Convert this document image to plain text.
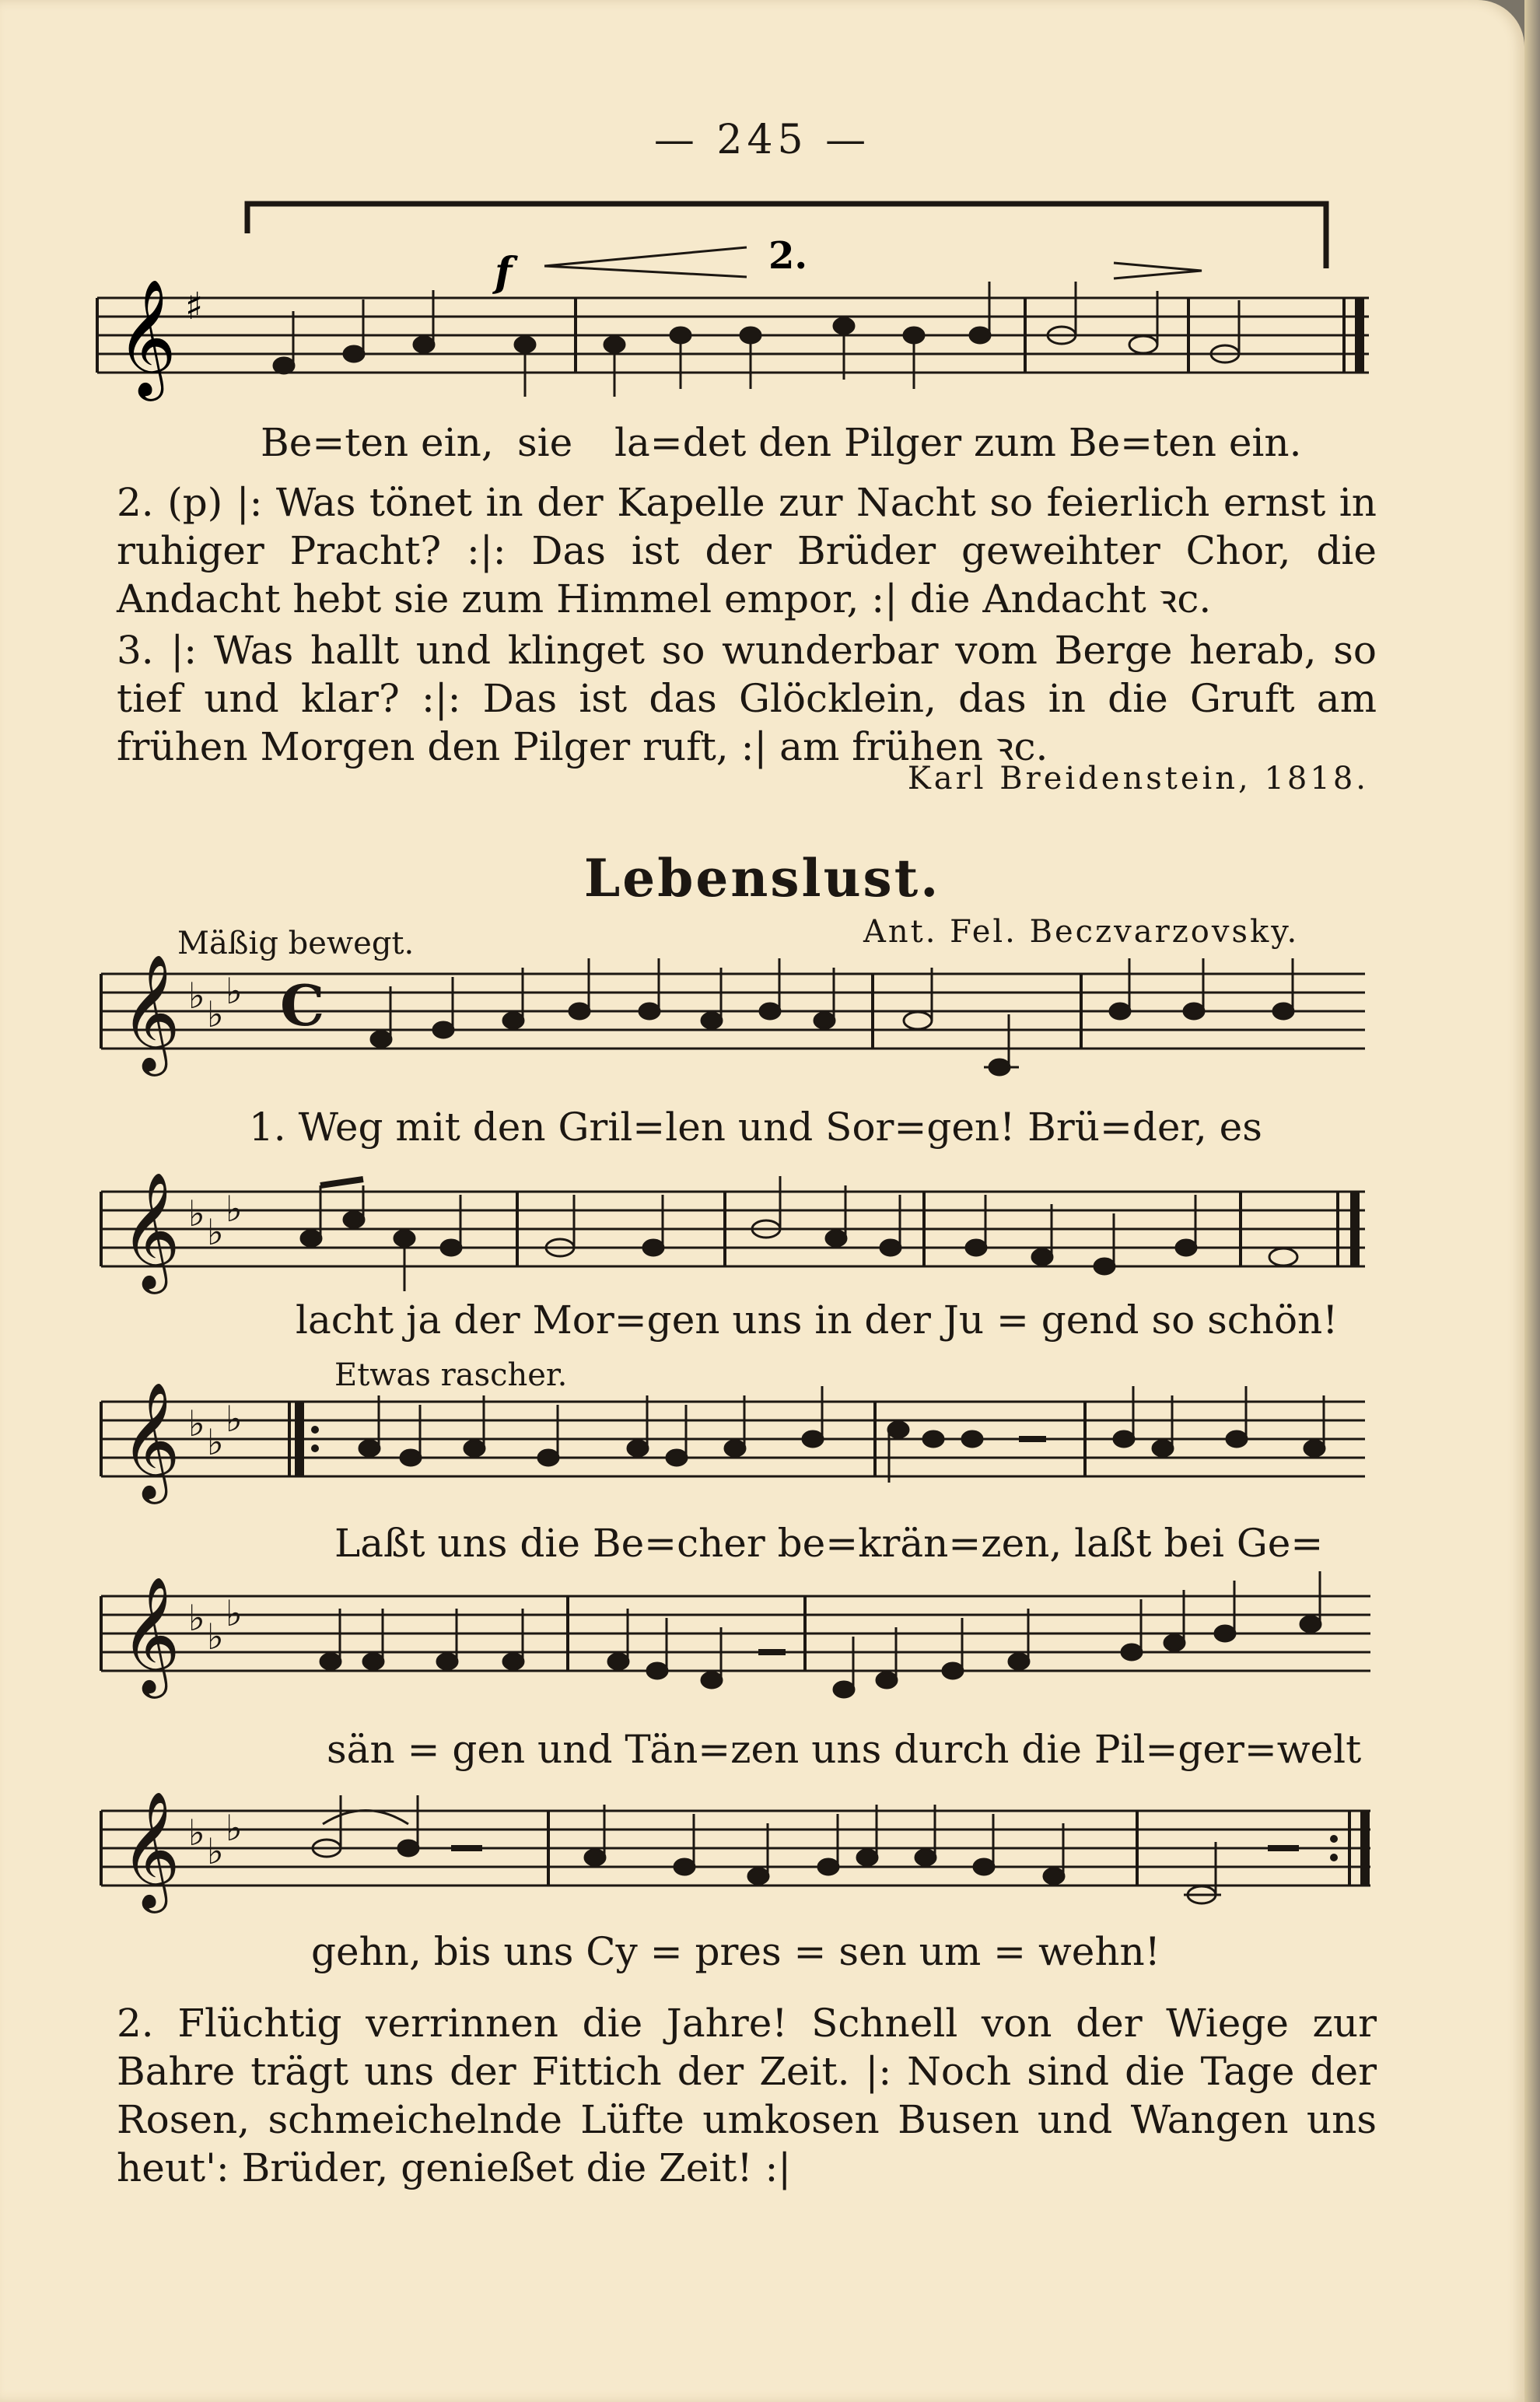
— 245 —
𝄞 ♯
f	2.
Be=ten ein, sie la=det den Pilger zum Be=ten ein.
2. (p) |: Was tönet in der Kapelle zur Nacht so feierlich ernst in ruhiger Pracht? :|: Das ist der Brüder geweihter Chor, die Andacht hebt sie zum Himmel empor, :| die Andacht ꝛc.
3. |: Was hallt und klinget so wunderbar vom Berge herab, so tief und klar? :|: Das ist das Glöcklein, das in die Gruft am frühen Morgen den Pilger ruft, :| am frühen ꝛc.
Karl Breidenstein, 1818.
Lebenslust.
Mäßig bewegt.	Ant. Fel. Beczvarzovsky.
𝄞
𝄞
𝄞
𝄞
𝄞
♭ ♭
♭
♭ ♭
♭
♭ ♭
♭
♭ ♭
♭
♭ ♭
♭
C
1. Weg mit den Gril=len und Sor=gen! Brü=der, es
lacht ja der Mor=gen uns in der Ju = gend so schön!
Etwas rascher.
Laßt uns die Be=cher be=krän=zen, laßt bei Ge=
sän = gen und Tän=zen uns durch die Pil=ger=welt
gehn, bis uns Cy = pres = sen um = wehn!
2. Flüchtig verrinnen die Jahre! Schnell von der Wiege zur Bahre trägt uns der Fittich der Zeit. |: Noch sind die Tage der Rosen, schmeichelnde Lüfte umkosen Busen und Wangen uns heut': Brüder, genießet die Zeit! :|
